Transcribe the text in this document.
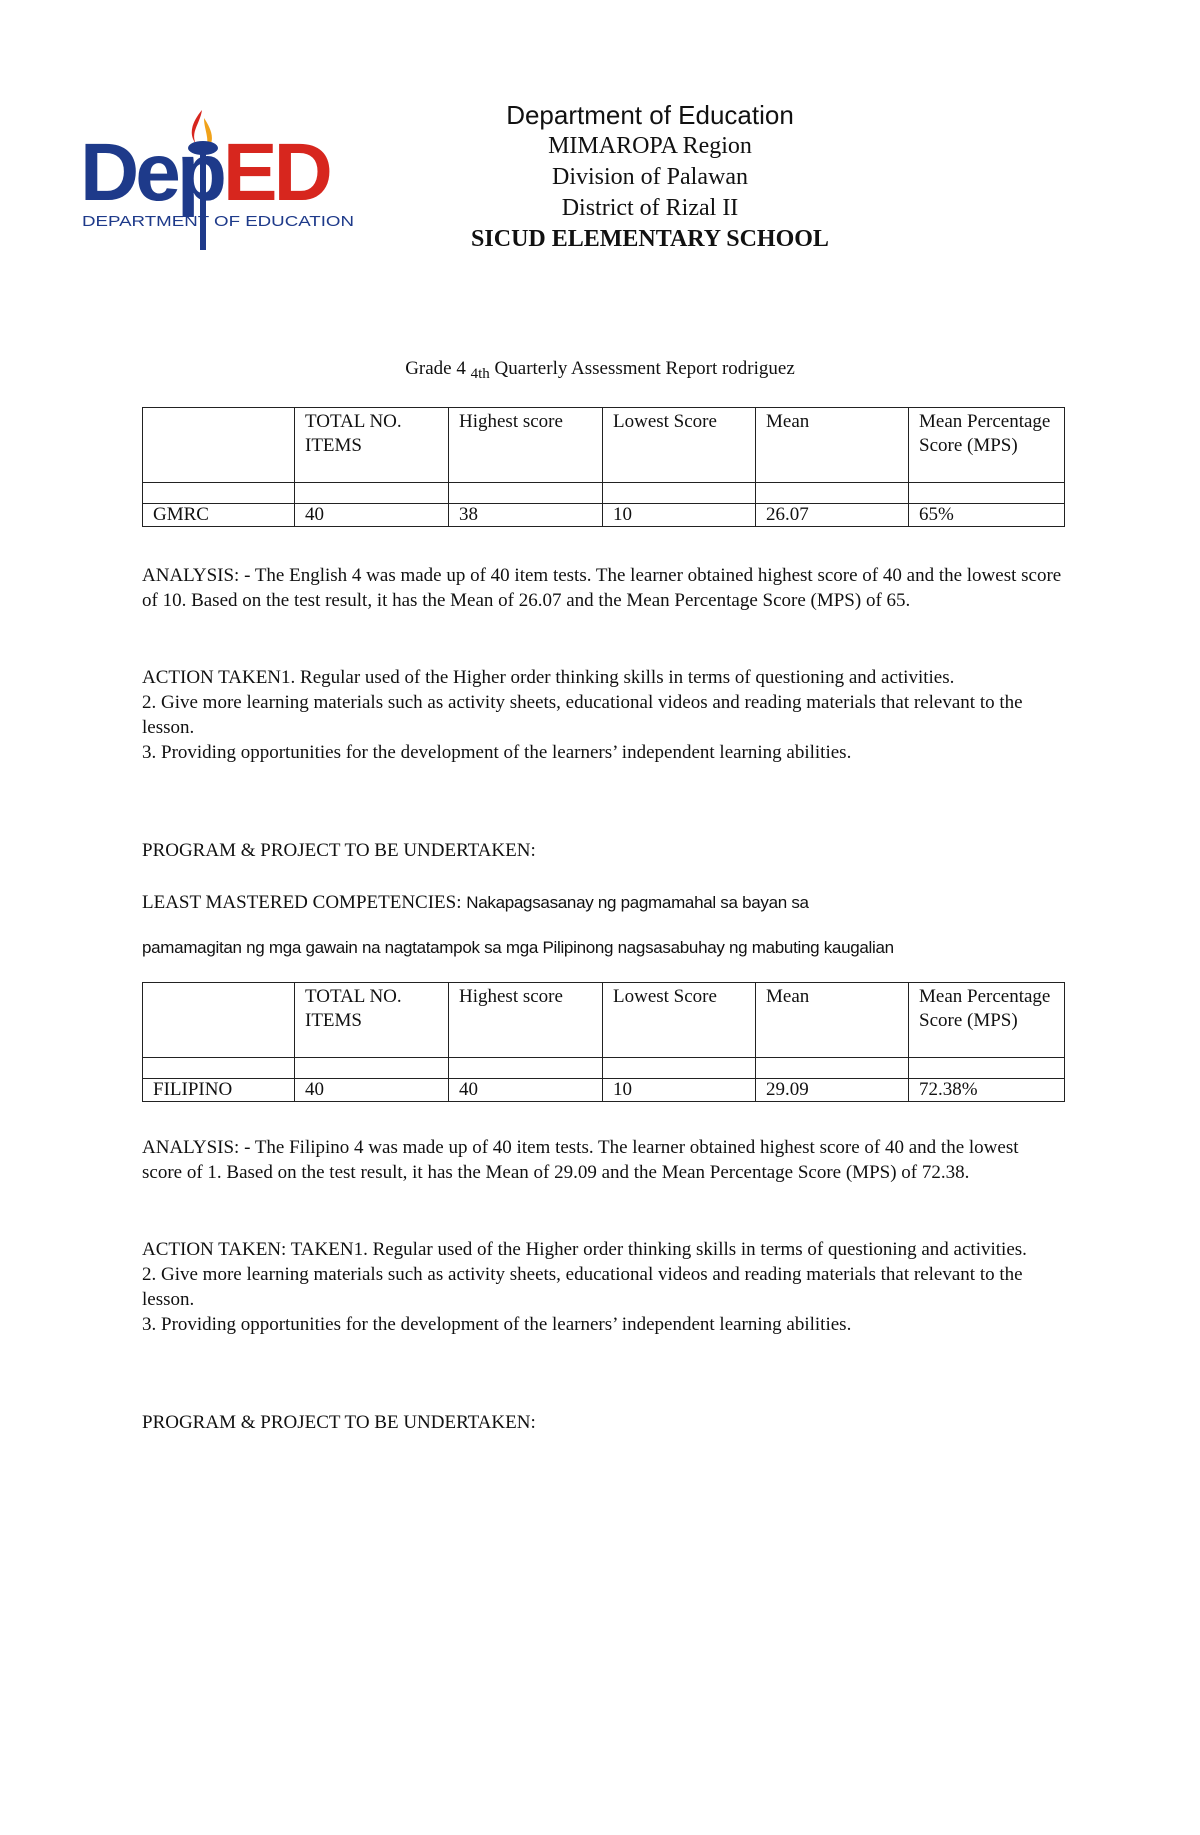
DepED
DEPARTMENT OF EDUCATION
Department of Education
MIMAROPA Region
Division of Palawan
District of Rizal II
SICUD ELEMENTARY SCHOOL
Grade 4 $_{4th}$ Quarterly Assessment Report rodriguez
	TOTAL NO. ITEMS	Highest score	Lowest Score	Mean	Mean Percentage Score (MPS)

GMRC	40	38	10	26.07	65%

ANALYSIS: - The English 4 was made up of 40 item tests. The learner obtained highest score of 40 and the lowest score of 10. Based on the test result, it has the Mean of 26.07 and the Mean Percentage Score (MPS) of 65.

ACTION TAKEN1. Regular used of the Higher order thinking skills in terms of questioning and activities.

2. Give more learning materials such as activity sheets, educational videos and reading materials that relevant to the lesson.

3. Providing opportunities for the development of the learners’ independent learning abilities.

PROGRAM & PROJECT TO BE UNDERTAKEN:

LEAST MASTERED COMPETENCIES: Nakapagsasanay ng pagmamahal sa bayan sa

pamamagitan ng mga gawain na nagtatampok sa mga Pilipinong nagsasabuhay ng mabuting kaugalian

	TOTAL NO. ITEMS	Highest score	Lowest Score	Mean	Mean Percentage Score (MPS)

FILIPINO	40	40	10	29.09	72.38%

ANALYSIS: - The Filipino 4 was made up of 40 item tests. The learner obtained highest score of 40 and the lowest score of 1. Based on the test result, it has the Mean of 29.09 and the Mean Percentage Score (MPS) of 72.38.

ACTION TAKEN: TAKEN1. Regular used of the Higher order thinking skills in terms of questioning and activities.

2. Give more learning materials such as activity sheets, educational videos and reading materials that relevant to the lesson.

3. Providing opportunities for the development of the learners’ independent learning abilities.

PROGRAM & PROJECT TO BE UNDERTAKEN:
